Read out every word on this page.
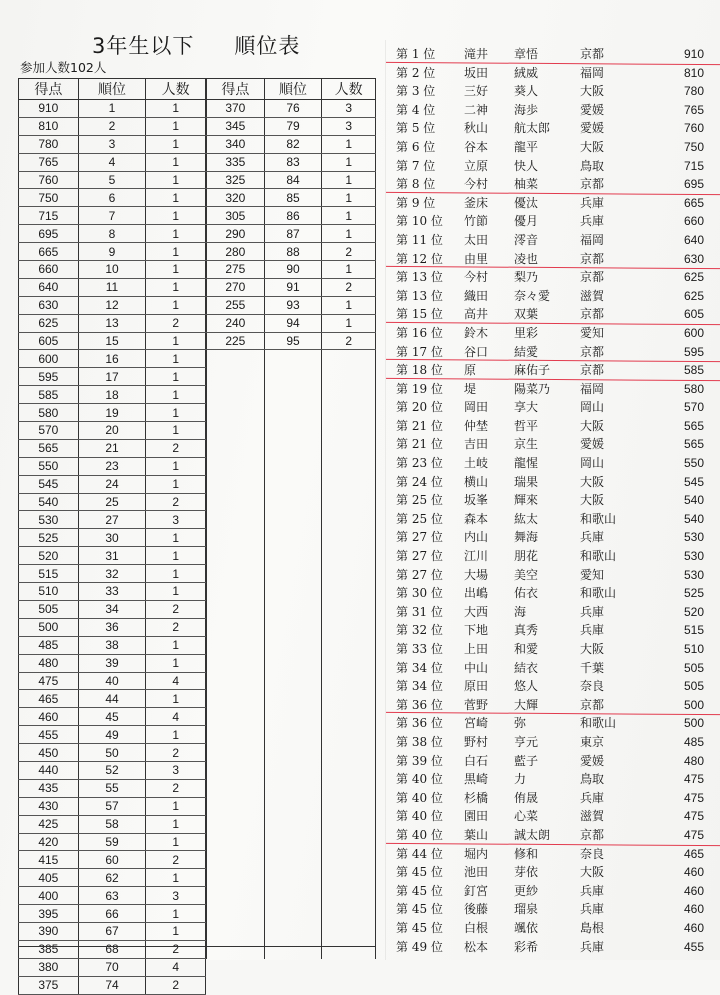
3年生以下 順位表
参加人数102人
得点	順位	人数
910	1	1
810	2	1
780	3	1
765	4	1
760	5	1
750	6	1
715	7	1
695	8	1
665	9	1
660	10	1
640	11	1
630	12	1
625	13	2
605	15	1
600	16	1
595	17	1
585	18	1
580	19	1
570	20	1
565	21	2
550	23	1
545	24	1
540	25	2
530	27	3
525	30	1
520	31	1
515	32	1
510	33	1
505	34	2
500	36	2
485	38	1
480	39	1
475	40	4
465	44	1
460	45	4
455	49	1
450	50	2
440	52	3
435	55	2
430	57	1
425	58	1
420	59	1
415	60	2
405	62	1
400	63	3
395	66	1
390	67	1
385	68	2
380	70	4
375	74	2
得点	順位	人数
370	76	3
345	79	3
340	82	1
335	83	1
325	84	1
320	85	1
305	86	1
290	87	1
280	88	2
275	90	1
270	91	2
255	93	1
240	94	1
225	95	2

第 1 位	滝井	章悟	京都	910
第 2 位	坂田	絨威	福岡	810
第 3 位	三好	葵人	大阪	780
第 4 位	二神	海歩	愛媛	765
第 5 位	秋山	航太郎	愛媛	760
第 6 位	谷本	龍平	大阪	750
第 7 位	立原	快人	鳥取	715
第 8 位	今村	柚菜	京都	695
第 9 位	釜床	優汰	兵庫	665
第 10 位	竹節	優月	兵庫	660
第 11 位	太田	澪音	福岡	640
第 12 位	由里	凌也	京都	630
第 13 位	今村	梨乃	京都	625
第 13 位	織田	奈々愛	滋賀	625
第 15 位	高井	双葉	京都	605
第 16 位	鈴木	里彩	愛知	600
第 17 位	谷口	結愛	京都	595
第 18 位	原	麻佑子	京都	585
第 19 位	堤	陽菜乃	福岡	580
第 20 位	岡田	享大	岡山	570
第 21 位	仲埜	哲平	大阪	565
第 21 位	吉田	京生	愛媛	565
第 23 位	土岐	龍惺	岡山	550
第 24 位	横山	瑞果	大阪	545
第 25 位	坂峯	輝來	大阪	540
第 25 位	森本	紘太	和歌山	540
第 27 位	内山	舞海	兵庫	530
第 27 位	江川	朋花	和歌山	530
第 27 位	大場	美空	愛知	530
第 30 位	出嶋	佑衣	和歌山	525
第 31 位	大西	海	兵庫	520
第 32 位	下地	真秀	兵庫	515
第 33 位	上田	和愛	大阪	510
第 34 位	中山	結衣	千葉	505
第 34 位	原田	悠人	奈良	505
第 36 位	菅野	大輝	京都	500
第 36 位	宮崎	弥	和歌山	500
第 38 位	野村	亨元	東京	485
第 39 位	白石	藍子	愛媛	480
第 40 位	黒崎	力	鳥取	475
第 40 位	杉橋	侑晟	兵庫	475
第 40 位	園田	心菜	滋賀	475
第 40 位	葉山	誠太朗	京都	475
第 44 位	堀内	修和	奈良	465
第 45 位	池田	芽依	大阪	460
第 45 位	釘宮	更紗	兵庫	460
第 45 位	後藤	瑠泉	兵庫	460
第 45 位	白根	颯依	島根	460
第 49 位	松本	彩希	兵庫	455
